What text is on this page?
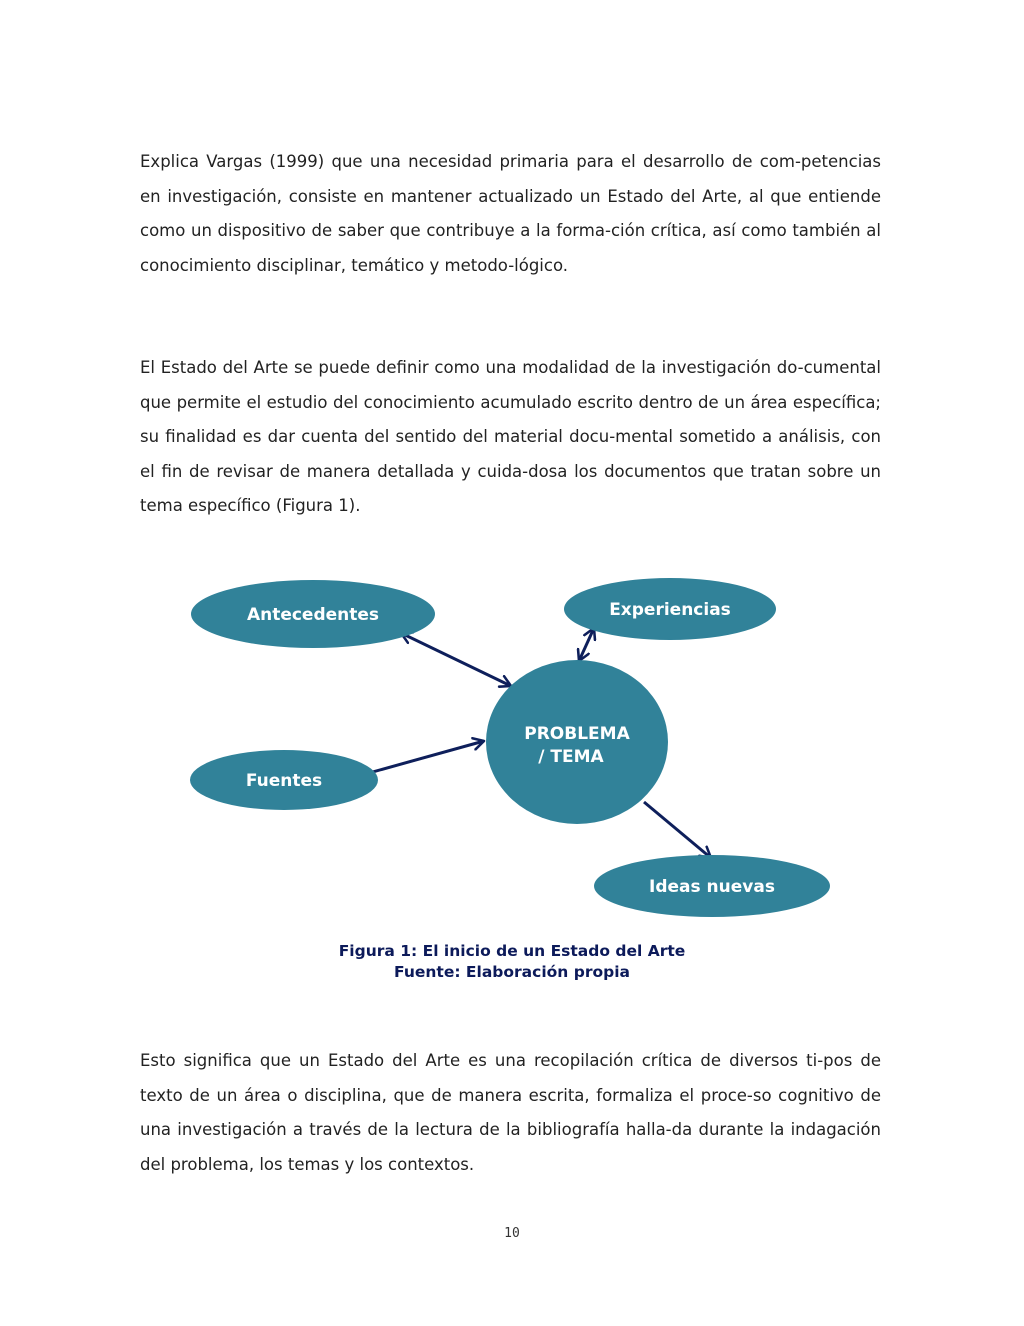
Explica Vargas (1999) que una necesidad primaria para el desarrollo de com-petencias en investigación, consiste en mantener actualizado un Estado del Arte, al que entiende como un dispositivo de saber que contribuye a la forma-ción crítica, así como también al conocimiento disciplinar, temático y metodo-lógico.

El Estado del Arte se puede definir como una modalidad de la investigación do-cumental que permite el estudio del conocimiento acumulado escrito dentro de un área específica; su finalidad es dar cuenta del sentido del material docu-mental sometido a análisis, con el fin de revisar de manera detallada y cuida-dosa los documentos que tratan sobre un tema específico (Figura 1).

Antecedentes	Experiencias
Fuentes
PROBLEMA
/ TEMA
Ideas nuevas
Figura 1: El inicio de un Estado del Arte
Fuente: Elaboración propia

Esto significa que un Estado del Arte es una recopilación crítica de diversos ti-pos de texto de un área o disciplina, que de manera escrita, formaliza el proce-so cognitivo de una investigación a través de la lectura de la bibliografía halla-da durante la indagación del problema, los temas y los contextos.

10
